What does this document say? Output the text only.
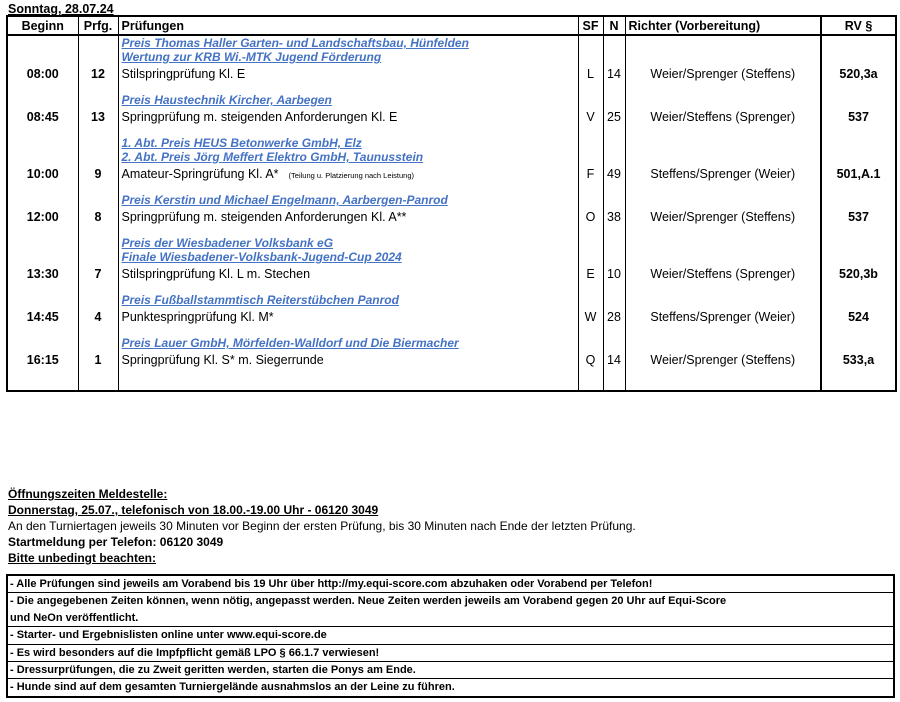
Sonntag, 28.07.24
Beginn	Prfg.	Prüfungen	SF	N	Richter (Vorbereitung)	RV §
		Preis Thomas Haller Garten- und Landschaftsbau, Hünfelden				
		Wertung zur KRB Wi.-MTK Jugend Förderung				
08:00	12	Stilspringprüfung Kl. E	L	14	Weier/Sprenger (Steffens)	520,3a

		Preis Haustechnik Kircher, Aarbegen				
08:45	13	Springprüfung m. steigenden Anforderungen Kl. E	V	25	Weier/Steffens (Sprenger)	537

		1. Abt. Preis HEUS Betonwerke GmbH, Elz				
		2. Abt. Preis Jörg Meffert Elektro GmbH, Taunusstein				
10:00	9	Amateur-Springrüfung Kl. A* (Teilung u. Platzierung nach Leistung)	F	49	Steffens/Sprenger (Weier)	501,A.1

		Preis Kerstin und Michael Engelmann, Aarbergen-Panrod				
12:00	8	Springprüfung m. steigenden Anforderungen Kl. A**	O	38	Weier/Sprenger (Steffens)	537

		Preis der Wiesbadener Volksbank eG				
		Finale Wiesbadener-Volksbank-Jugend-Cup 2024				
13:30	7	Stilspringprüfung Kl. L m. Stechen	E	10	Weier/Steffens (Sprenger)	520,3b

		Preis Fußballstammtisch Reiterstübchen Panrod				
14:45	4	Punktespringprüfung Kl. M*	W	28	Steffens/Sprenger (Weier)	524

		Preis Lauer GmbH, Mörfelden-Walldorf und Die Biermacher				
16:15	1	Springprüfung Kl. S* m. Siegerrunde	Q	14	Weier/Sprenger (Steffens)	533,a

Öffnungszeiten Meldestelle:
Donnerstag, 25.07., telefonisch von 18.00.-19.00 Uhr - 06120 3049
An den Turniertagen jeweils 30 Minuten vor Beginn der ersten Prüfung, bis 30 Minuten nach Ende der letzten Prüfung.
Startmeldung per Telefon: 06120 3049
Bitte unbedingt beachten:
- Alle Prüfungen sind jeweils am Vorabend bis 19 Uhr über http://my.equi-score.com abzuhaken oder Vorabend per Telefon!
- Die angegebenen Zeiten können, wenn nötig, angepasst werden. Neue Zeiten werden jeweils am Vorabend gegen 20 Uhr auf Equi-Score
und NeOn veröffentlicht.
- Starter- und Ergebnislisten online unter www.equi-score.de
- Es wird besonders auf die Impfpflicht gemäß LPO § 66.1.7 verwiesen!
- Dressurprüfungen, die zu Zweit geritten werden, starten die Ponys am Ende.
- Hunde sind auf dem gesamten Turniergelände ausnahmslos an der Leine zu führen.
